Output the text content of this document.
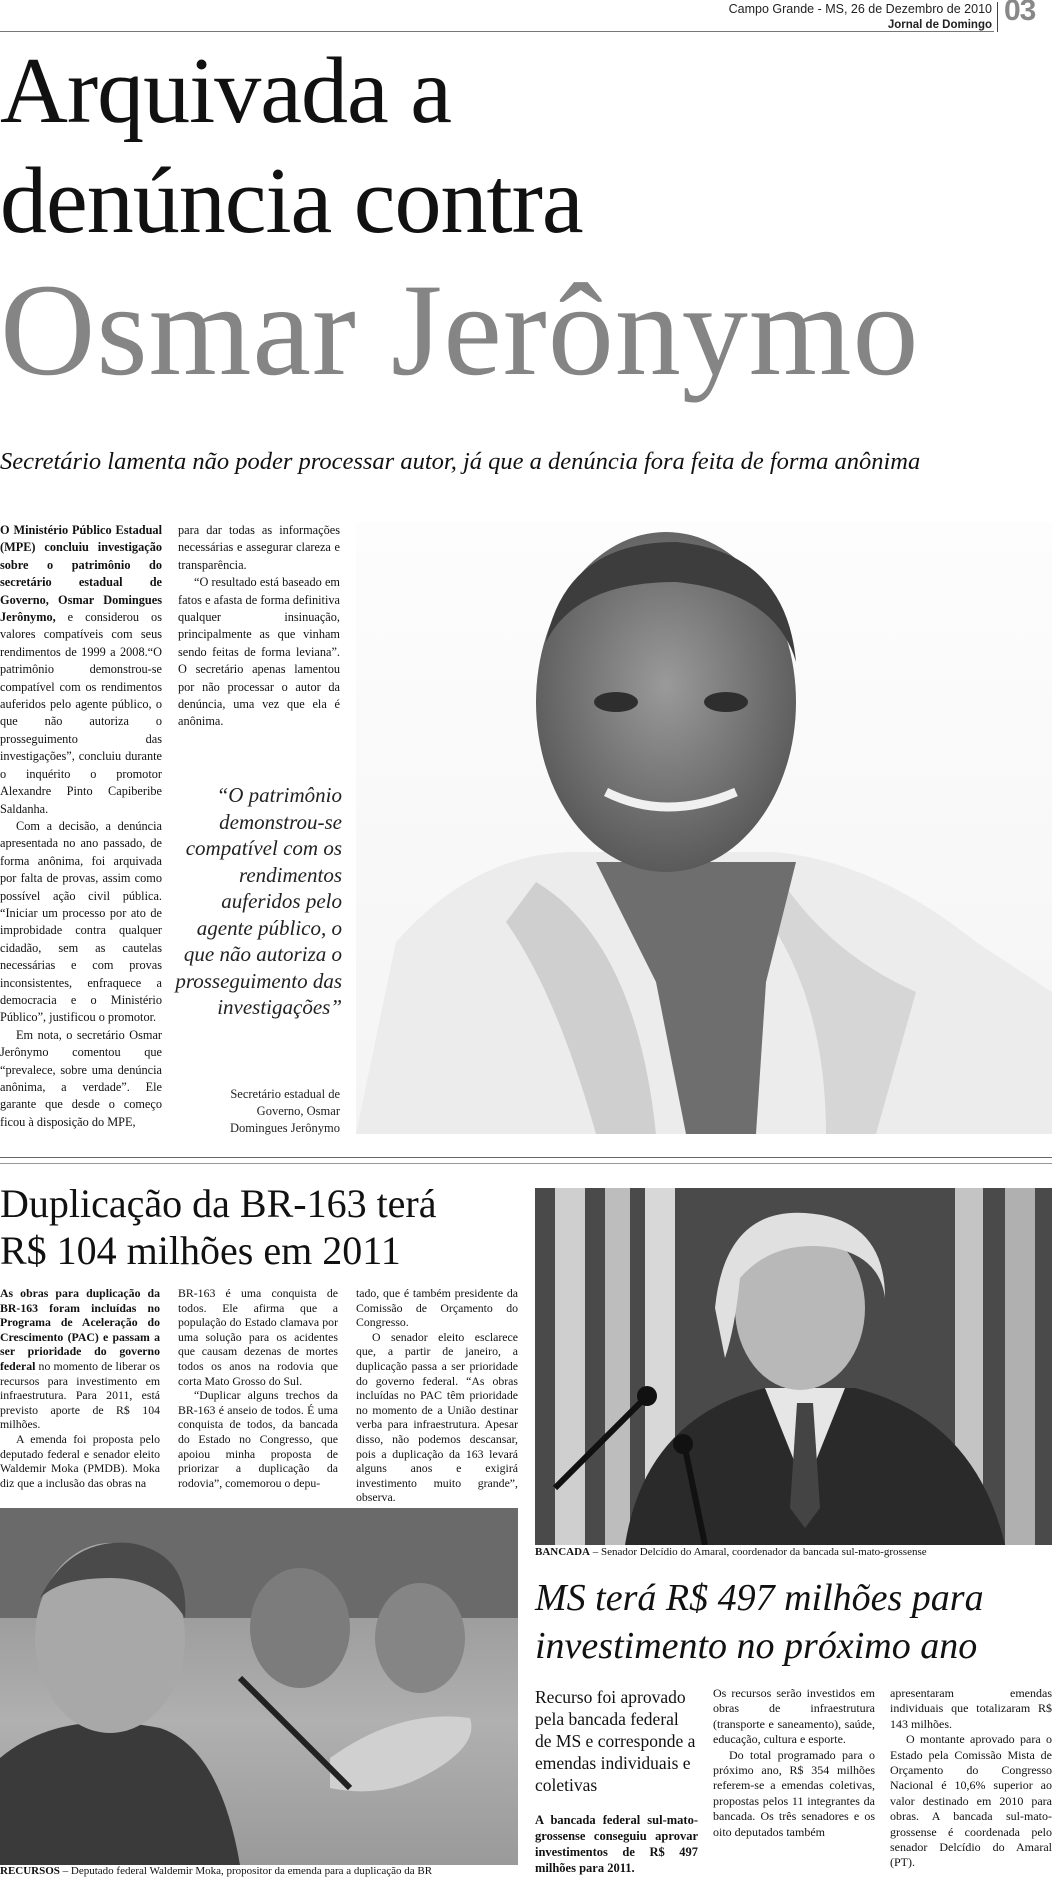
Campo Grande - MS, 26 de Dezembro de 2010
Jornal de Domingo 03
Arquivada a
denúncia contra
Osmar Jerônymo
Secretário lamenta não poder processar autor, já que a denúncia fora feita de forma anônima

O Ministério Público Estadual (MPE) concluiu investigação sobre o patrimônio do secretário estadual de Governo, Osmar Domingues Jerônymo, e considerou os valores compatíveis com seus rendimentos de 1999 a 2008.“O patrimônio demonstrou-se compatível com os rendimentos auferidos pelo agente público, o que não autoriza o prosseguimento das investigações”, concluiu durante o inquérito o promotor Alexandre Pinto Capiberibe Saldanha.

Com a decisão, a denúncia apresentada no ano passado, de forma anônima, foi arquivada por falta de provas, assim como possível ação civil pública. “Iniciar um processo por ato de improbidade contra qualquer cidadão, sem as cautelas necessárias e com provas inconsistentes, enfraquece a democracia e o Ministério Público”, justificou o promotor.

Em nota, o secretário Osmar Jerônymo comentou que “prevalece, sobre uma denúncia anônima, a verdade”. Ele garante que desde o começo ficou à disposição do MPE,

para dar todas as informações necessárias e assegurar clareza e transparência.

“O resultado está baseado em fatos e afasta de forma definitiva qualquer insinuação, principalmente as que vinham sendo feitas de forma leviana”. O secretário apenas lamentou por não processar o autor da denúncia, uma vez que ela é anônima.

“O patrimônio demonstrou-se compatível com os rendimentos auferidos pelo agente público, o que não autoriza o prosseguimento das investigações”
Secretário estadual de Governo, Osmar Domingues Jerônymo
Duplicação da BR-163 terá
R$ 104 milhões em 2011

As obras para duplicação da BR-163 foram incluídas no Programa de Aceleração do Crescimento (PAC) e passam a ser prioridade do governo federal no momento de liberar os recursos para investimento em infraestrutura. Para 2011, está previsto aporte de R$ 104 milhões.

A emenda foi proposta pelo deputado federal e senador eleito Waldemir Moka (PMDB). Moka diz que a inclusão das obras na

BR-163 é uma conquista de todos. Ele afirma que a população do Estado clamava por uma solução para os acidentes que causam dezenas de mortes todos os anos na rodovia que corta Mato Grosso do Sul.

“Duplicar alguns trechos da BR-163 é anseio de todos. É uma conquista de todos, da bancada do Estado no Congresso, que apoiou minha proposta de priorizar a duplicação da rodovia”, comemorou o depu-

tado, que é também presidente da Comissão de Orçamento do Congresso.

O senador eleito esclarece que, a partir de janeiro, a duplicação passa a ser prioridade do governo federal. “As obras incluídas no PAC têm prioridade no momento de a União destinar verba para infraestrutura. Apesar disso, não podemos descansar, pois a duplicação da 163 levará alguns anos e exigirá investimento muito grande”, observa.

RECURSOS – Deputado federal Waldemir Moka, propositor da emenda para a duplicação da BR
BANCADA – Senador Delcídio do Amaral, coordenador da bancada sul-mato-grossense
MS terá R$ 497 milhões para
investimento no próximo ano
Recurso foi aprovado pela bancada federal de MS e corresponde a emendas individuais e coletivas
A bancada federal sul-mato-grossense conseguiu aprovar investimentos de R$ 497 milhões para 2011.

Os recursos serão investidos em obras de infraestrutura (transporte e saneamento), saúde, educação, cultura e esporte.

Do total programado para o próximo ano, R$ 354 milhões referem-se a emendas coletivas, propostas pelos 11 integrantes da bancada. Os três senadores e os oito deputados também

apresentaram emendas individuais que totalizaram R$ 143 milhões.

O montante aprovado para o Estado pela Comissão Mista de Orçamento do Congresso Nacional é 10,6% superior ao valor destinado em 2010 para obras. A bancada sul-mato-grossense é coordenada pelo senador Delcídio do Amaral (PT).
